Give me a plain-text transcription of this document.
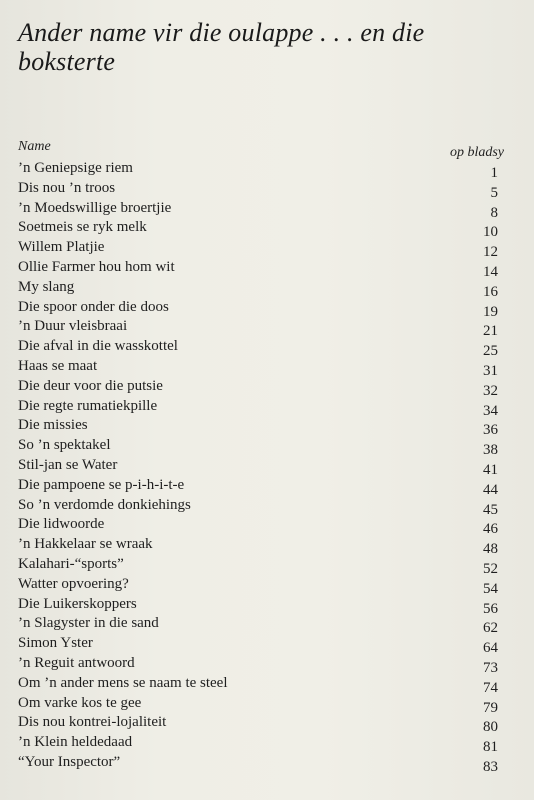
Ander name vir die oulappe . . . en die boksterte
Name	op bladsy
’n Geniepsige riem	1
Dis nou ’n troos	5
’n Moedswillige broertjie	8
Soetmeis se ryk melk	10
Willem Platjie	12
Ollie Farmer hou hom wit	14
My slang	16
Die spoor onder die doos	19
’n Duur vleisbraai	21
Die afval in die wasskottel	25
Haas se maat	31
Die deur voor die putsie	32
Die regte rumatiekpille	34
Die missies	36
So ’n spektakel	38
Stil-jan se Water	41
Die pampoene se p-i-h-i-t-e	44
So ’n verdomde donkiehings	45
Die lidwoorde	46
’n Hakkelaar se wraak	48
Kalahari-“sports”	52
Watter opvoering?	54
Die Luikerskoppers	56
’n Slagyster in die sand	62
Simon Yster	64
’n Reguit antwoord	73
Om ’n ander mens se naam te steel	74
Om varke kos te gee	79
Dis nou kontrei-lojaliteit	80
’n Klein heldedaad	81
“Your Inspector”	83
